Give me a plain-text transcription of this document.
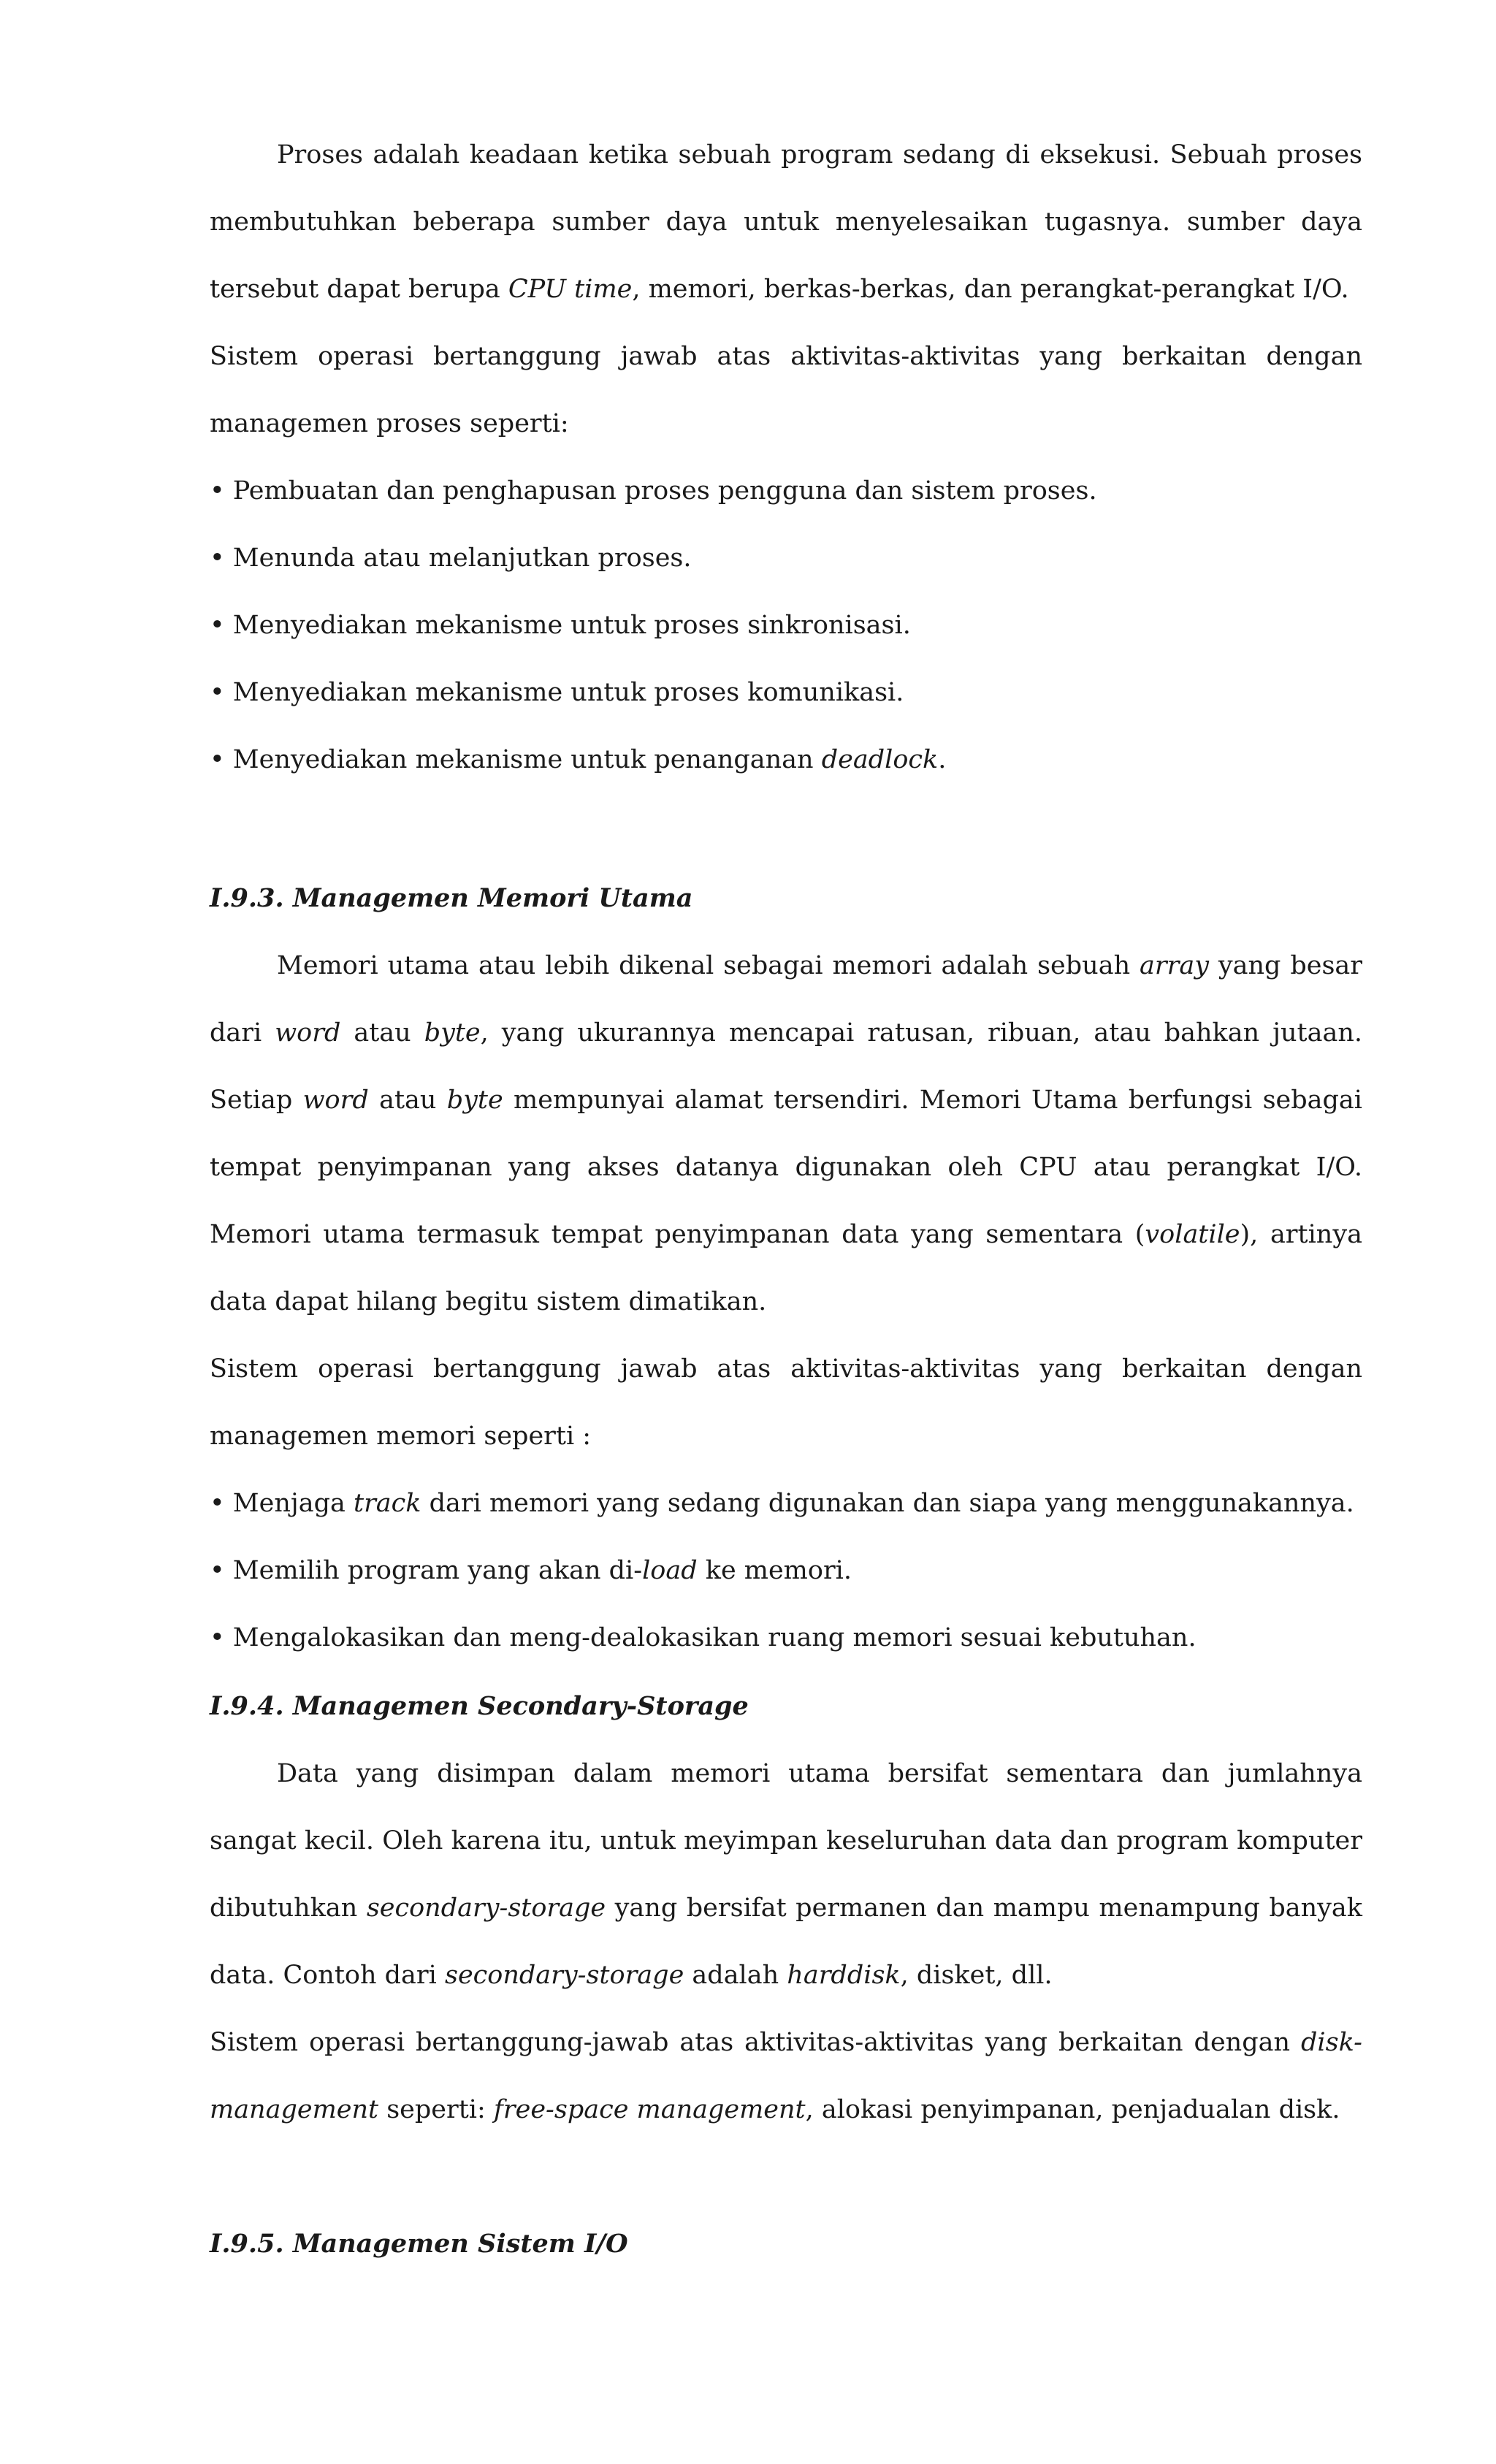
Proses adalah keadaan ketika sebuah program sedang di eksekusi. Sebuah proses membutuhkan beberapa sumber daya untuk menyelesaikan tugasnya. sumber daya tersebut dapat berupa CPU time, memori, berkas-berkas, dan perangkat-perangkat I/O.

Sistem operasi bertanggung jawab atas aktivitas-aktivitas yang berkaitan dengan managemen proses seperti:

• Pembuatan dan penghapusan proses pengguna dan sistem proses.
• Menunda atau melanjutkan proses.
• Menyediakan mekanisme untuk proses sinkronisasi.
• Menyediakan mekanisme untuk proses komunikasi.
• Menyediakan mekanisme untuk penanganan deadlock.
I.9.3. Managemen Memori Utama

Memori utama atau lebih dikenal sebagai memori adalah sebuah array yang besar dari word atau byte, yang ukurannya mencapai ratusan, ribuan, atau bahkan jutaan. Setiap word atau byte mempunyai alamat tersendiri. Memori Utama berfungsi sebagai tempat penyimpanan yang akses datanya digunakan oleh CPU atau perangkat I/O. Memori utama termasuk tempat penyimpanan data yang sementara (volatile), artinya data dapat hilang begitu sistem dimatikan.

Sistem operasi bertanggung jawab atas aktivitas-aktivitas yang berkaitan dengan managemen memori seperti :

• Menjaga track dari memori yang sedang digunakan dan siapa yang menggunakannya.
• Memilih program yang akan di-load ke memori.
• Mengalokasikan dan meng-dealokasikan ruang memori sesuai kebutuhan.
I.9.4. Managemen Secondary-Storage

Data yang disimpan dalam memori utama bersifat sementara dan jumlahnya sangat kecil. Oleh karena itu, untuk meyimpan keseluruhan data dan program komputer dibutuhkan secondary-storage yang bersifat permanen dan mampu menampung banyak data. Contoh dari secondary-storage adalah harddisk, disket, dll.

Sistem operasi bertanggung-jawab atas aktivitas-aktivitas yang berkaitan dengan disk-management seperti: free-space management, alokasi penyimpanan, penjadualan disk.

I.9.5. Managemen Sistem I/O
